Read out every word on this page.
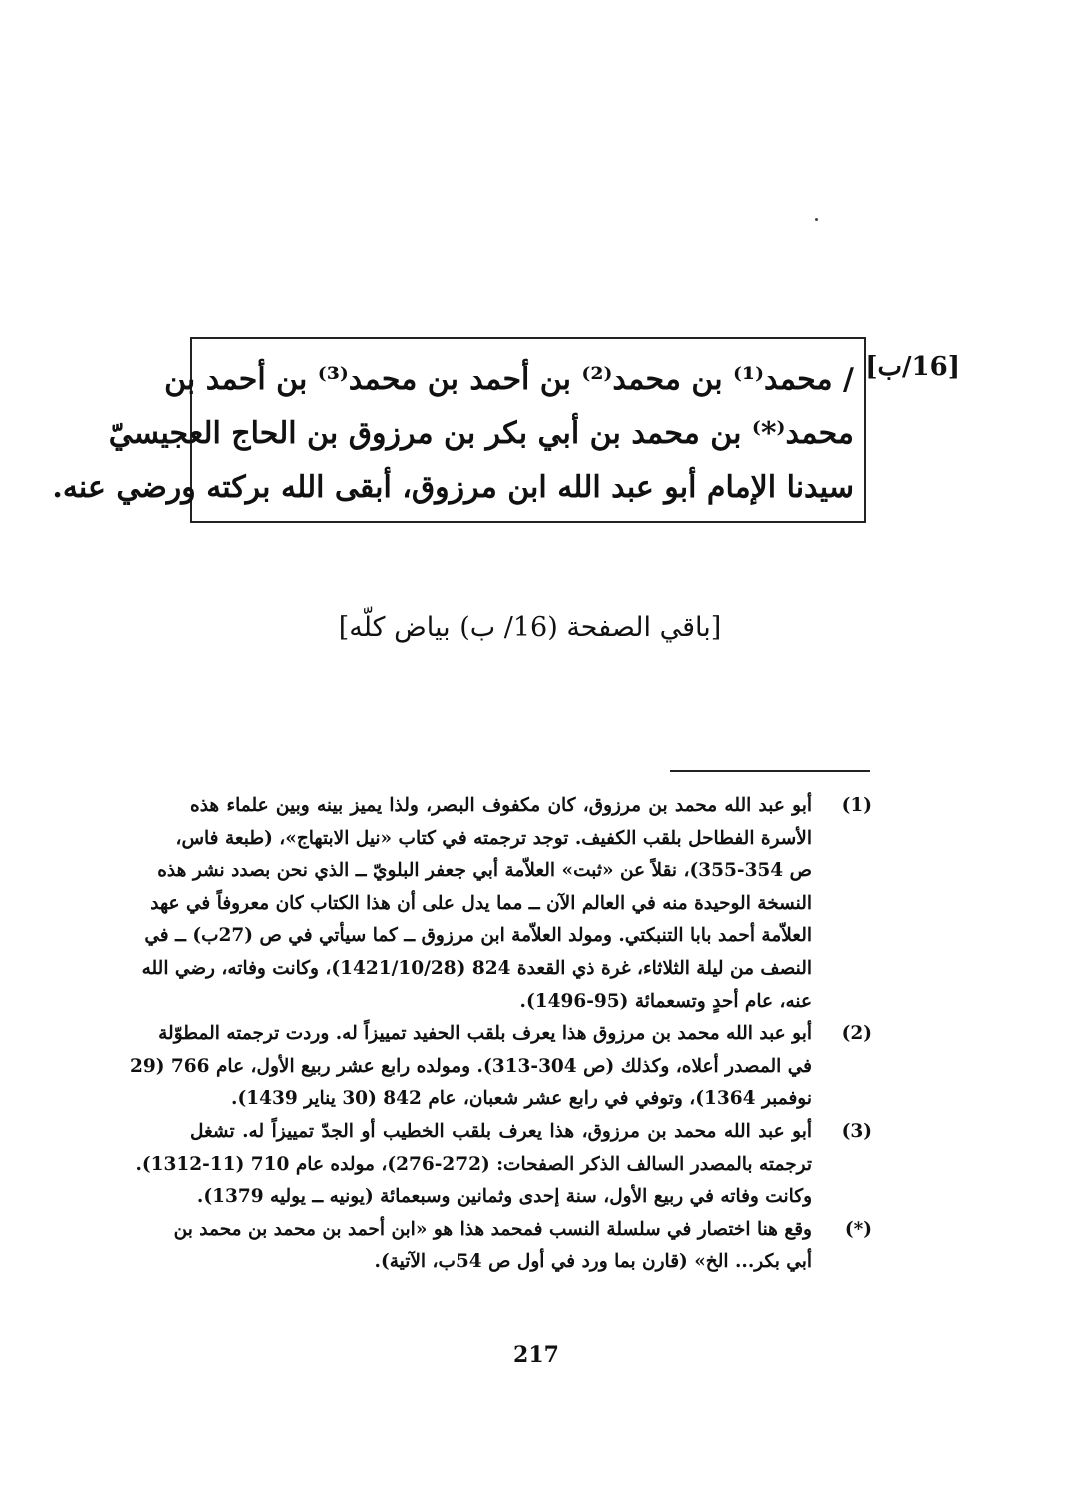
[16/ب]
/ محمد⁽¹⁾ بن محمد⁽²⁾ بن أحمد بن محمد⁽³⁾ بن أحمد بن
محمد⁽*⁾ بن محمد بن أبي بكر بن مرزوق بن الحاج العجيسيّ
سيدنا الإمام أبو عبد الله ابن مرزوق، أبقى الله بركته ورضي عنه.
[باقي الصفحة (16/ ب) بياض كلّه]
(1)
أبو عبد الله محمد بن مرزوق، كان مكفوف البصر، ولذا يميز بينه وبين علماء هذه
الأسرة الفطاحل بلقب الكفيف. توجد ترجمته في كتاب «نيل الابتهاج»، (طبعة فاس،
ص 354-355)، نقلاً عن «ثبت» العلاّمة أبي جعفر البلويّ ــ الذي نحن بصدد نشر هذه
النسخة الوحيدة منه في العالم الآن ــ مما يدل على أن هذا الكتاب كان معروفاً في عهد
العلاّمة أحمد بابا التنبكتي. ومولد العلاّمة ابن مرزوق ــ كما سيأتي في ص (27ب) ــ في
النصف من ليلة الثلاثاء، غرة ذي القعدة 824 (1421/10/28)، وكانت وفاته، رضي الله
عنه، عام أحدٍ وتسعمائة (95-1496).
(2)
أبو عبد الله محمد بن مرزوق هذا يعرف بلقب الحفيد تمييزاً له. وردت ترجمته المطوّلة
في المصدر أعلاه، وكذلك (ص 304-313). ومولده رابع عشر ربيع الأول، عام 766 (29
نوفمبر 1364)، وتوفي في رابع عشر شعبان، عام 842 (30 يناير 1439).
(3)
أبو عبد الله محمد بن مرزوق، هذا يعرف بلقب الخطيب أو الجدّ تمييزاً له. تشغل
ترجمته بالمصدر السالف الذكر الصفحات: (272-276)، مولده عام 710 (11-1312).
وكانت وفاته في ربيع الأول، سنة إحدى وثمانين وسبعمائة (يونيه ــ يوليه 1379).
(*)
وقع هنا اختصار في سلسلة النسب فمحمد هذا هو «ابن أحمد بن محمد بن محمد بن
أبي بكر... الخ» (قارن بما ورد في أول ص 54ب، الآتية).
217
